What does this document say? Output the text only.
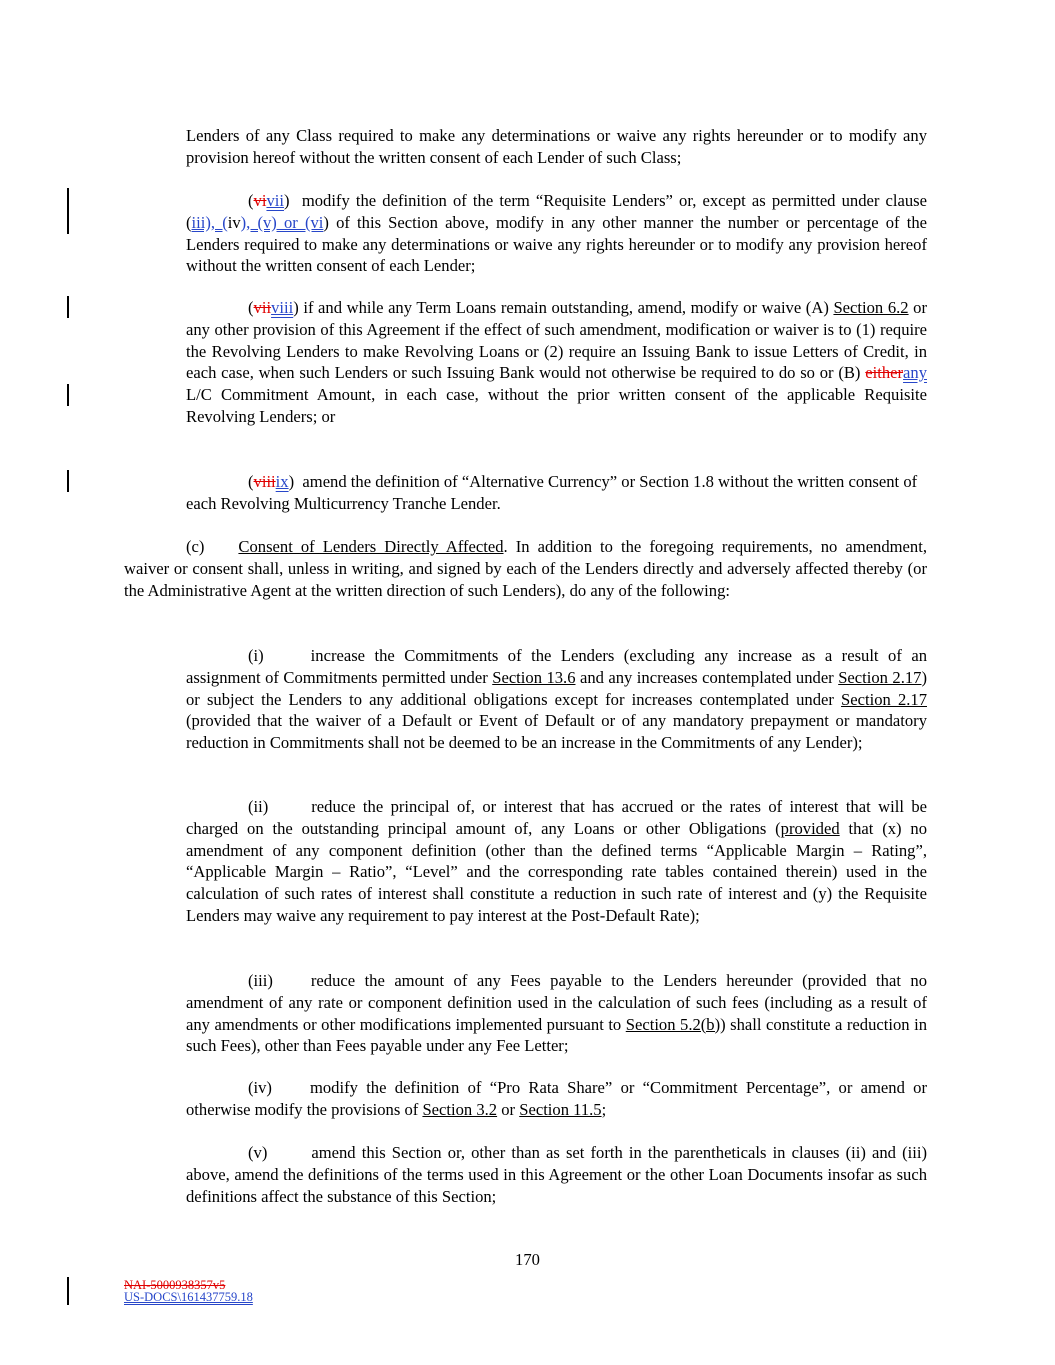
Lenders of any Class required to make any determinations or waive any rights hereunder or to modify any provision hereof without the written consent of each Lender of such Class;

(vivii) modify the definition of the term “Requisite Lenders” or, except as permitted under clause (iii), (iv), (v) or (vi) of this Section above, modify in any other manner the number or percentage of the Lenders required to make any determinations or waive any rights hereunder or to modify any provision hereof without the written consent of each Lender;

(viiviii) if and while any Term Loans remain outstanding, amend, modify or waive (A) Section 6.2 or any other provision of this Agreement if the effect of such amendment, modification or waiver is to (1) require the Revolving Lenders to make Revolving Loans or (2) require an Issuing Bank to issue Letters of Credit, in each case, when such Lenders or such Issuing Bank would not otherwise be required to do so or (B) eitherany L/C Commitment Amount, in each case, without the prior written consent of the applicable Requisite Revolving Lenders; or

(viiiix) amend the definition of “Alternative Currency” or Section 1.8 without the written consent of each Revolving Multicurrency Tranche Lender.

(c) Consent of Lenders Directly Affected. In addition to the foregoing requirements, no amendment, waiver or consent shall, unless in writing, and signed by each of the Lenders directly and adversely affected thereby (or the Administrative Agent at the written direction of such Lenders), do any of the following:

(i)	increase the Commitments of the Lenders (excluding any increase as a result of an assignment of Commitments permitted under Section 13.6 and any increases contemplated under Section 2.17) or subject the Lenders to any additional obligations except for increases contemplated under Section 2.17 (provided that the waiver of a Default or Event of Default or of any mandatory prepayment or mandatory reduction in Commitments shall not be deemed to be an increase in the Commitments of any Lender);

(ii)	reduce the principal of, or interest that has accrued or the rates of interest that will be charged on the outstanding principal amount of, any Loans or other Obligations (provided that (x) no amendment of any component definition (other than the defined terms “Applicable Margin – Rating”, “Applicable Margin – Ratio”, “Level” and the corresponding rate tables contained therein) used in the calculation of such rates of interest shall constitute a reduction in such rate of interest and (y) the Requisite Lenders may waive any requirement to pay interest at the Post-Default Rate);

(iii) reduce the amount of any Fees payable to the Lenders hereunder (provided that no amendment of any rate or component definition used in the calculation of such fees (including as a result of any amendments or other modifications implemented pursuant to Section 5.2(b)) shall constitute a reduction in such Fees), other than Fees payable under any Fee Letter;

(iv) modify the definition of “Pro Rata Share” or “Commitment Percentage”, or amend or otherwise modify the provisions of Section 3.2 or Section 11.5;

(v)	amend this Section or, other than as set forth in the parentheticals in clauses (ii) and (iii) above, amend the definitions of the terms used in this Agreement or the other Loan Documents insofar as such definitions affect the substance of this Section;

170
NAI-5000938357v5
US-DOCS\161437759.18
